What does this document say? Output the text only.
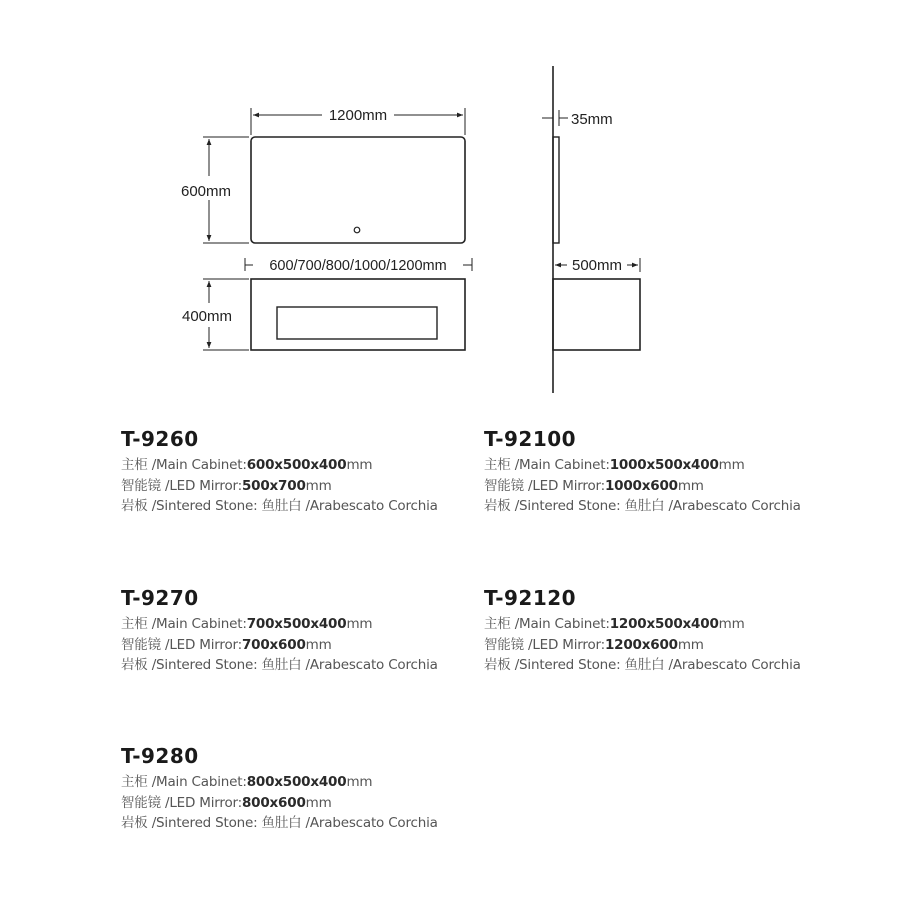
1200mm
600mm
600/700/800/1000/1200mm
400mm
35mm
500mm
T-9260
主柜 /Main Cabinet:600x500x400mm
智能镜 /LED Mirror:500x700mm
岩板 /Sintered Stone: 鱼肚白 /Arabescato Corchia
T-92100
主柜 /Main Cabinet:1000x500x400mm
智能镜 /LED Mirror:1000x600mm
岩板 /Sintered Stone: 鱼肚白 /Arabescato Corchia
T-9270
主柜 /Main Cabinet:700x500x400mm
智能镜 /LED Mirror:700x600mm
岩板 /Sintered Stone: 鱼肚白 /Arabescato Corchia
T-92120
主柜 /Main Cabinet:1200x500x400mm
智能镜 /LED Mirror:1200x600mm
岩板 /Sintered Stone: 鱼肚白 /Arabescato Corchia
T-9280
主柜 /Main Cabinet:800x500x400mm
智能镜 /LED Mirror:800x600mm
岩板 /Sintered Stone: 鱼肚白 /Arabescato Corchia
